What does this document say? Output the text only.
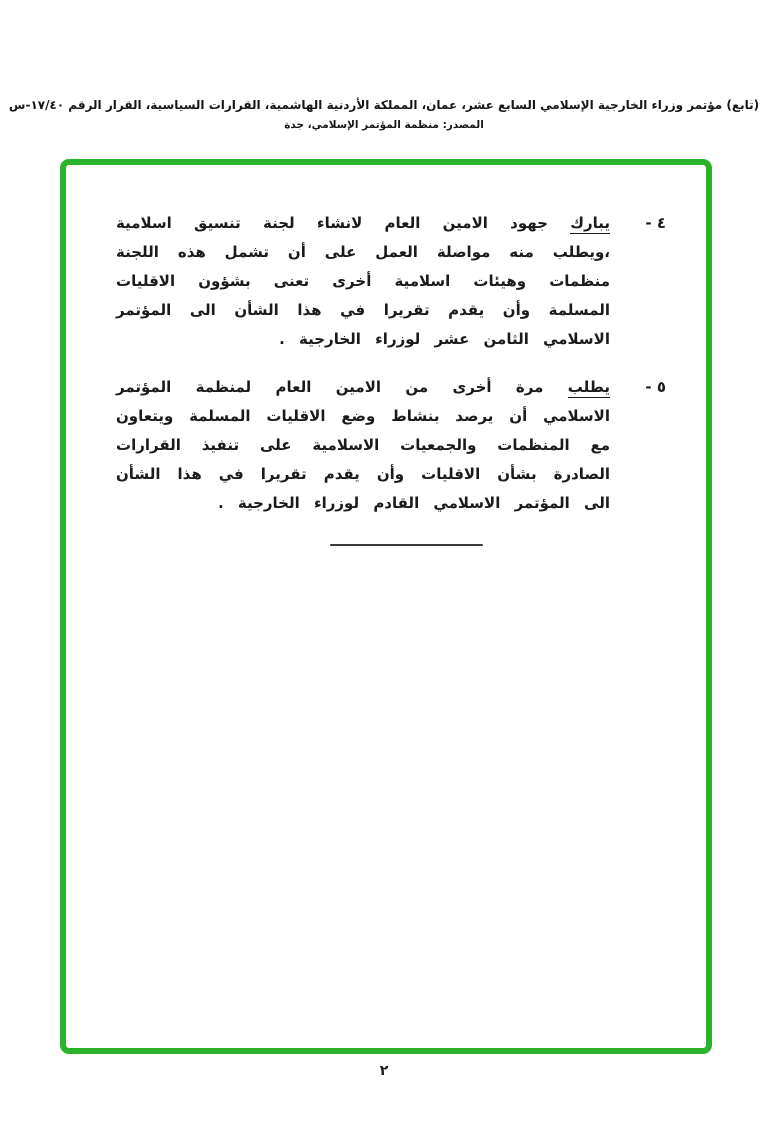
(تابع) مؤتمر وزراء الخارجية الإسلامي السابع عشر، عمان، المملكة الأردنية الهاشمية، القرارات السياسية، القرار الرقم ١٧/٤٠-س
المصدر: منظمة المؤتمر الإسلامي، جدة
٤ -
يبارك جهود الامين العام لانشاء لجنة تنسيق اسلامية ،ويطلب منه مواصلة العمل على أن تشمل هذه اللجنة منظمات وهيئات اسلامية أخرى تعنى بشؤون الاقليات المسلمة وأن يقدم تقريرا في هذا الشأن الى المؤتمر الاسلامي الثامن عشر لوزراء الخارجية .
٥ -
يطلب مرة أخرى من الامين العام لمنظمة المؤتمر الاسلامي أن يرصد بنشاط وضع الاقليات المسلمة ويتعاون مع المنظمات والجمعيات الاسلامية على تنفيذ القرارات الصادرة بشأن الاقليات وأن يقدم تقريرا في هذا الشأن الى المؤتمر الاسلامي القادم لوزراء الخارجية .
٢
